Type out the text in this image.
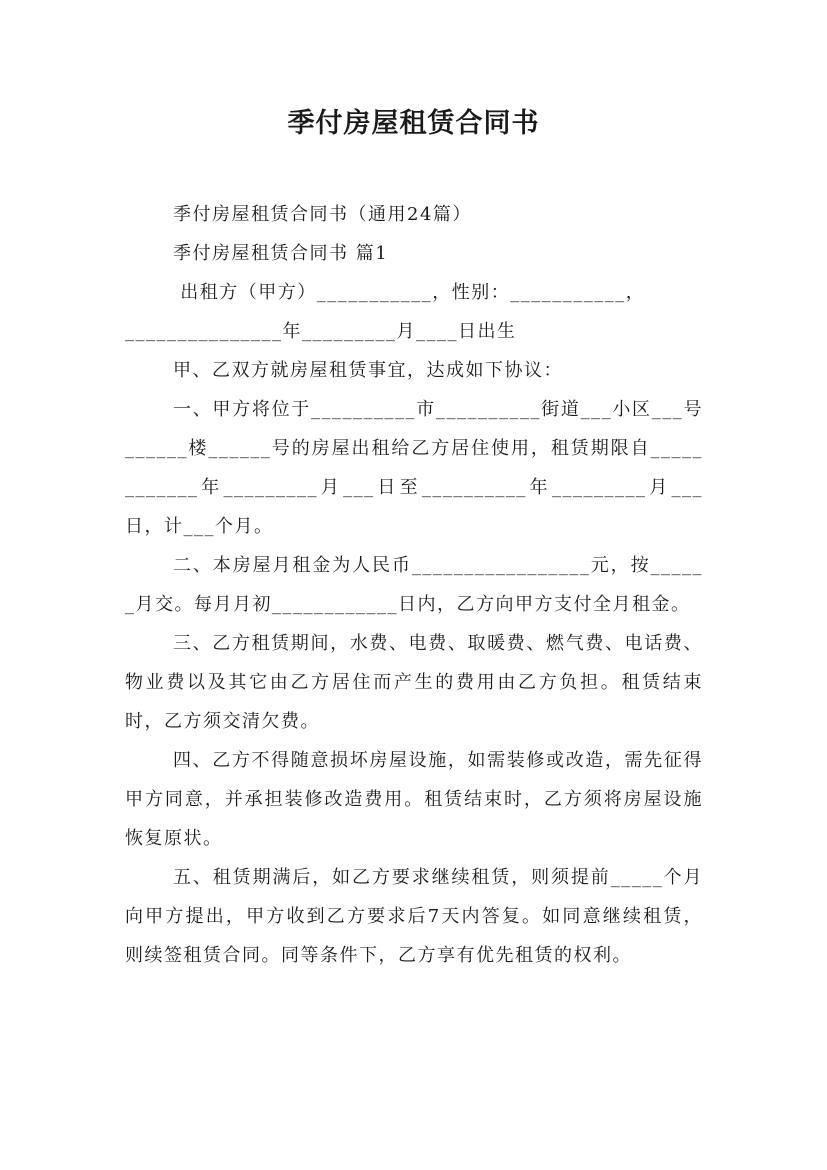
季付房屋租赁合同书

季付房屋租赁合同书（通用24篇）

季付房屋租赁合同书 篇1

出租方（甲方）___________，性别：___________，

_______________年_________月____日出生

甲、乙双方就房屋租赁事宜，达成如下协议：

一、甲方将位于__________市__________街道___小区___号______楼______号的房屋出租给乙方居住使用，租赁期限自____________年_________月___日至__________年_________月___日，计___个月。

二、本房屋月租金为人民币_________________元，按______月交。每月月初____________日内，乙方向甲方支付全月租金。

三、乙方租赁期间，水费、电费、取暖费、燃气费、电话费、物业费以及其它由乙方居住而产生的费用由乙方负担。租赁结束时，乙方须交清欠费。

四、乙方不得随意损坏房屋设施，如需装修或改造，需先征得甲方同意，并承担装修改造费用。租赁结束时，乙方须将房屋设施恢复原状。

五、租赁期满后，如乙方要求继续租赁，则须提前_____个月向甲方提出，甲方收到乙方要求后7天内答复。如同意继续租赁，则续签租赁合同。同等条件下，乙方享有优先租赁的权利。
